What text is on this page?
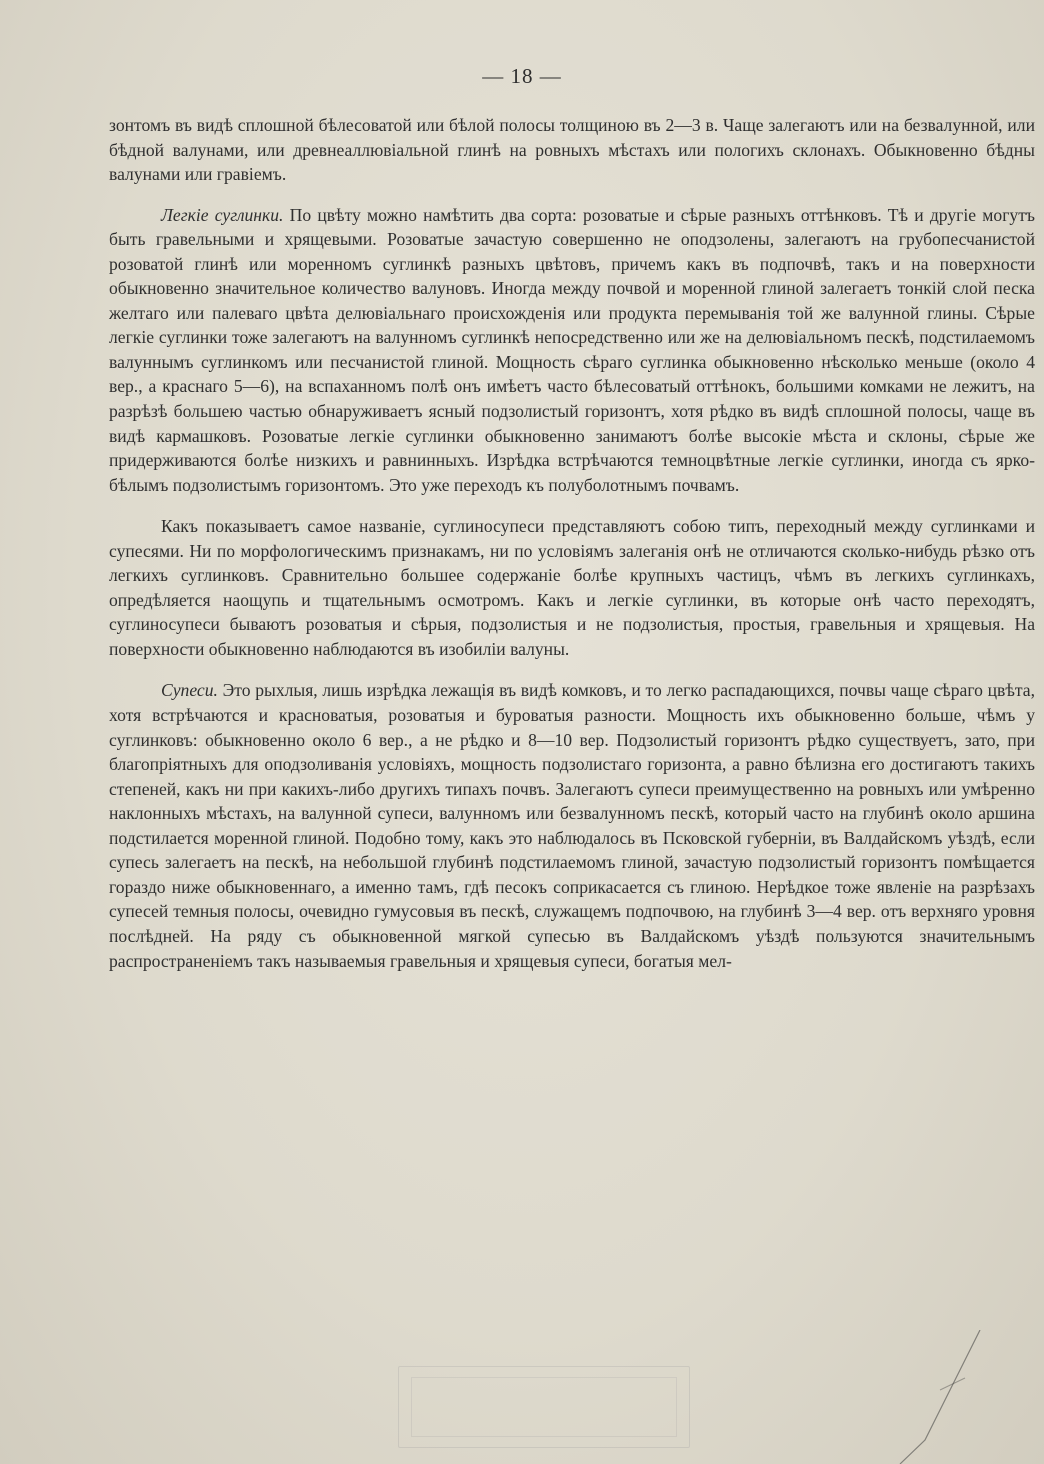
— 18 —

зонтомъ въ видѣ сплошной бѣлесоватой или бѣлой полосы толщиною въ 2—3 в. Чаще залегаютъ или на безвалунной, или бѣдной валунами, или древнеаллювіальной глинѣ на ровныхъ мѣстахъ или пологихъ склонахъ. Обыкновенно бѣдны валунами или гравіемъ.

Легкіе суглинки. По цвѣту можно намѣтить два сорта: розоватые и сѣрые разныхъ оттѣнковъ. Тѣ и другіе могутъ быть гравельными и хрящевыми. Розоватые зачастую совершенно не оподзолены, залегаютъ на грубопесчанистой розоватой глинѣ или моренномъ суглинкѣ разныхъ цвѣтовъ, причемъ какъ въ подпочвѣ, такъ и на поверхности обыкновенно значительное количество валуновъ. Иногда между почвой и моренной глиной залегаетъ тонкій слой песка желтаго или палеваго цвѣта делювіальнаго происхожденія или продукта перемыванія той же валунной глины. Сѣрые легкіе суглинки тоже залегаютъ на валунномъ суглинкѣ непосредственно или же на делювіальномъ пескѣ, подстилаемомъ валуннымъ суглинкомъ или песчанистой глиной. Мощность сѣраго суглинка обыкновенно нѣсколько меньше (около 4 вер., а краснаго 5—6), на вспаханномъ полѣ онъ имѣетъ часто бѣлесоватый оттѣнокъ, большими комками не лежитъ, на разрѣзѣ большею частью обнаруживаетъ ясный подзолистый горизонтъ, хотя рѣдко въ видѣ сплошной полосы, чаще въ видѣ кармашковъ. Розоватые легкіе суглинки обыкновенно занимаютъ болѣе высокіе мѣста и склоны, сѣрые же придерживаются болѣе низкихъ и равнинныхъ. Изрѣдка встрѣчаются темноцвѣтные легкіе суглинки, иногда съ ярко-бѣлымъ подзолистымъ горизонтомъ. Это уже переходъ къ полуболотнымъ почвамъ.

Какъ показываетъ самое названіе, суглиносупеси представляютъ собою типъ, переходный между суглинками и супесями. Ни по морфологическимъ признакамъ, ни по условіямъ залеганія онѣ не отличаются сколько-нибудь рѣзко отъ легкихъ суглинковъ. Сравнительно большее содержаніе болѣе крупныхъ частицъ, чѣмъ въ легкихъ суглинкахъ, опредѣляется наощупь и тщательнымъ осмотромъ. Какъ и легкіе суглинки, въ которые онѣ часто переходятъ, суглиносупеси бываютъ розоватыя и сѣрыя, подзолистыя и не подзолистыя, простыя, гравельныя и хрящевыя. На поверхности обыкновенно наблюдаются въ изобиліи валуны.

Супеси. Это рыхлыя, лишь изрѣдка лежащія въ видѣ комковъ, и то легко распадающихся, почвы чаще сѣраго цвѣта, хотя встрѣчаются и красноватыя, розоватыя и буроватыя разности. Мощность ихъ обыкновенно больше, чѣмъ у суглинковъ: обыкновенно около 6 вер., а не рѣдко и 8—10 вер. Подзолистый горизонтъ рѣдко существуетъ, зато, при благопріятныхъ для оподзоливанія условіяхъ, мощность подзолистаго горизонта, а равно бѣлизна его достигаютъ такихъ степеней, какъ ни при какихъ-либо другихъ типахъ почвъ. Залегаютъ супеси преимущественно на ровныхъ или умѣренно наклонныхъ мѣстахъ, на валунной супеси, валунномъ или безвалунномъ пескѣ, который часто на глубинѣ около аршина подстилается моренной глиной. Подобно тому, какъ это наблюдалось въ Псковской губерніи, въ Валдайскомъ уѣздѣ, если супесь залегаетъ на пескѣ, на небольшой глубинѣ подстилаемомъ глиной, зачастую подзолистый горизонтъ помѣщается гораздо ниже обыкновеннаго, а именно тамъ, гдѣ песокъ соприкасается съ глиною. Нерѣдкое тоже явленіе на разрѣзахъ супесей темныя полосы, очевидно гумусовыя въ пескѣ, служащемъ подпочвою, на глубинѣ 3—4 вер. отъ верхняго уровня послѣдней. На ряду съ обыкновенной мягкой супесью въ Валдайскомъ уѣздѣ пользуются значительнымъ распространеніемъ такъ называемыя гравельныя и хрящевыя супеси, богатыя мел-
